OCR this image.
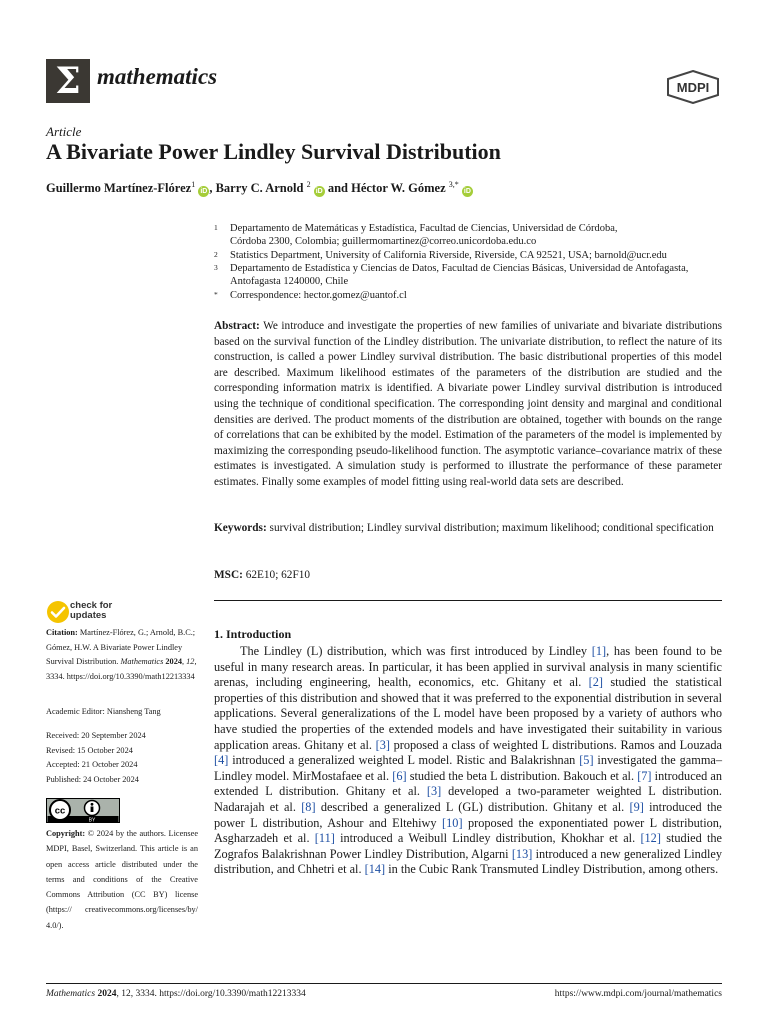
Σ mathematics	MDPI
Article
A Bivariate Power Lindley Survival Distribution
Guillermo Martínez-Flórez$^1$ iD , Barry C. Arnold $^2$ iD and Héctor W. Gómez $^{3,*}$ iD
1 Departamento de Matemáticas y Estadística, Facultad de Ciencias, Universidad de Córdoba,
Córdoba 2300, Colombia; guillermomartinez@correo.unicordoba.edu.co
2 Statistics Department, University of California Riverside, Riverside, CA 92521, USA; barnold@ucr.edu
3 Departamento de Estadística y Ciencias de Datos, Facultad de Ciencias Básicas, Universidad de Antofagasta,
Antofagasta 1240000, Chile
* Correspondence: hector.gomez@uantof.cl
Abstract: We introduce and investigate the properties of new families of univariate and bivariate distributions based on the survival function of the Lindley distribution. The univariate distribution, to reflect the nature of its construction, is called a power Lindley survival distribution. The basic distributional properties of this model are described. Maximum likelihood estimates of the parameters of the distribution are studied and the corresponding information matrix is identified. A bivariate power Lindley survival distribution is introduced using the technique of conditional specification. The corresponding joint density and marginal and conditional densities are derived. The product moments of the distribution are obtained, together with bounds on the range of correlations that can be exhibited by the model. Estimation of the parameters of the model is implemented by maximizing the corresponding pseudo-likelihood function. The asymptotic variance–covariance matrix of these estimates is investigated. A simulation study is performed to illustrate the performance of these parameter estimates. Finally some examples of model fitting using real-world data sets are described.
Keywords: survival distribution; Lindley survival distribution; maximum likelihood; conditional specification
MSC: 62E10; 62F10
check for
updates
Citation: Martínez-Flórez, G.; Arnold, B.C.; Gómez, H.W. A Bivariate Power Lindley Survival Distribution. Mathematics 2024, 12, 3334. https://doi.org/10.3390/math12213334
Academic Editor: Niansheng Tang
Received: 20 September 2024
Revised: 15 October 2024
Accepted: 21 October 2024
Published: 24 October 2024
cc
BY
Copyright: © 2024 by the authors. Licensee MDPI, Basel, Switzerland. This article is an open access article distributed under the terms and conditions of the Creative Commons Attribution (CC BY) license (https:// creativecommons.org/licenses/by/ 4.0/).
1. Introduction
The Lindley (L) distribution, which was first introduced by Lindley [1], has been found to be useful in many research areas. In particular, it has been applied in survival analysis in many scientific arenas, including engineering, health, economics, etc. Ghitany et al. [2] studied the statistical properties of this distribution and showed that it was preferred to the exponential distribution in several applications. Several generalizations of the L model have been proposed by a variety of authors who have studied the properties of the extended models and have investigated their suitability in various application areas. Ghitany et al. [3] proposed a class of weighted L distributions. Ramos and Louzada [4] introduced a generalized weighted L model. Ristic and Balakrishnan [5] investigated the gamma–Lindley model. MirMostafaee et al. [6] studied the beta L distribution. Bakouch et al. [7] introduced an extended L distribution. Ghitany et al. [3] developed a two-parameter weighted L distribution. Nadarajah et al. [8] described a generalized L (GL) distribution. Ghitany et al. [9] introduced the power L distribution, Ashour and Eltehiwy [10] proposed the exponentiated power L distribution, Asgharzadeh et al. [11] introduced a Weibull Lindley distribution, Khokhar et al. [12] studied the Zografos Balakrishnan Power Lindley Distribution, Algarni [13] introduced a new generalized Lindley distribution, and Chhetri et al. [14] in the Cubic Rank Transmuted Lindley Distribution, among others.
Mathematics 2024, 12, 3334. https://doi.org/10.3390/math12213334	https://www.mdpi.com/journal/mathematics
